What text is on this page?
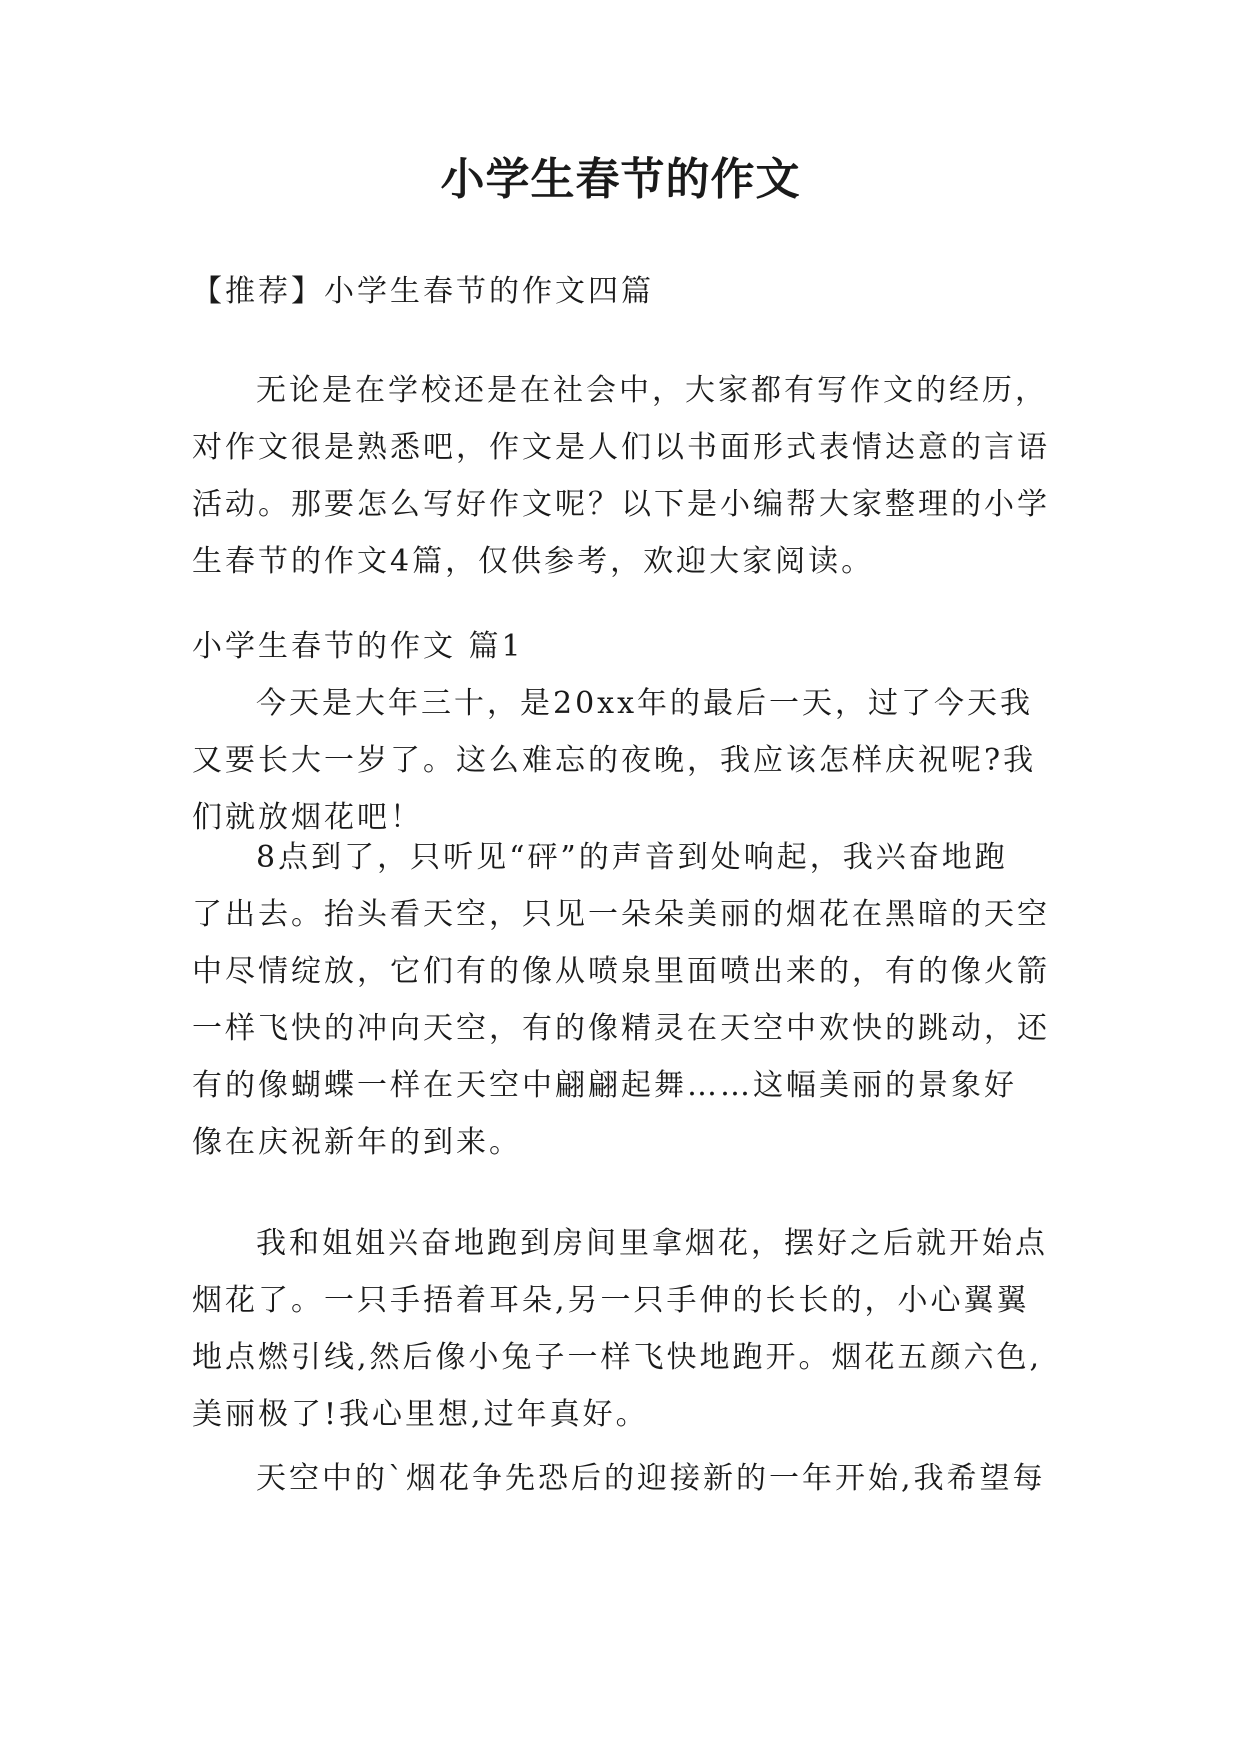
小学生春节的作文
【推荐】小学生春节的作文四篇
无论是在学校还是在社会中，大家都有写作文的经历，
对作文很是熟悉吧，作文是人们以书面形式表情达意的言语
活动。那要怎么写好作文呢？以下是小编帮大家整理的小学
生春节的作文4篇，仅供参考，欢迎大家阅读。
小学生春节的作文 篇1
今天是大年三十，是20xx年的最后一天，过了今天我
又要长大一岁了。这么难忘的夜晚，我应该怎样庆祝呢?我
们就放烟花吧！
8点到了，只听见“砰”的声音到处响起，我兴奋地跑
了出去。抬头看天空，只见一朵朵美丽的烟花在黑暗的天空
中尽情绽放，它们有的像从喷泉里面喷出来的，有的像火箭
一样飞快的冲向天空，有的像精灵在天空中欢快的跳动，还
有的像蝴蝶一样在天空中翩翩起舞……这幅美丽的景象好
像在庆祝新年的到来。
我和姐姐兴奋地跑到房间里拿烟花，摆好之后就开始点
烟花了。一只手捂着耳朵,另一只手伸的长长的，小心翼翼
地点燃引线,然后像小兔子一样飞快地跑开。烟花五颜六色,
美丽极了!我心里想,过年真好。
天空中的`烟花争先恐后的迎接新的一年开始,我希望每
